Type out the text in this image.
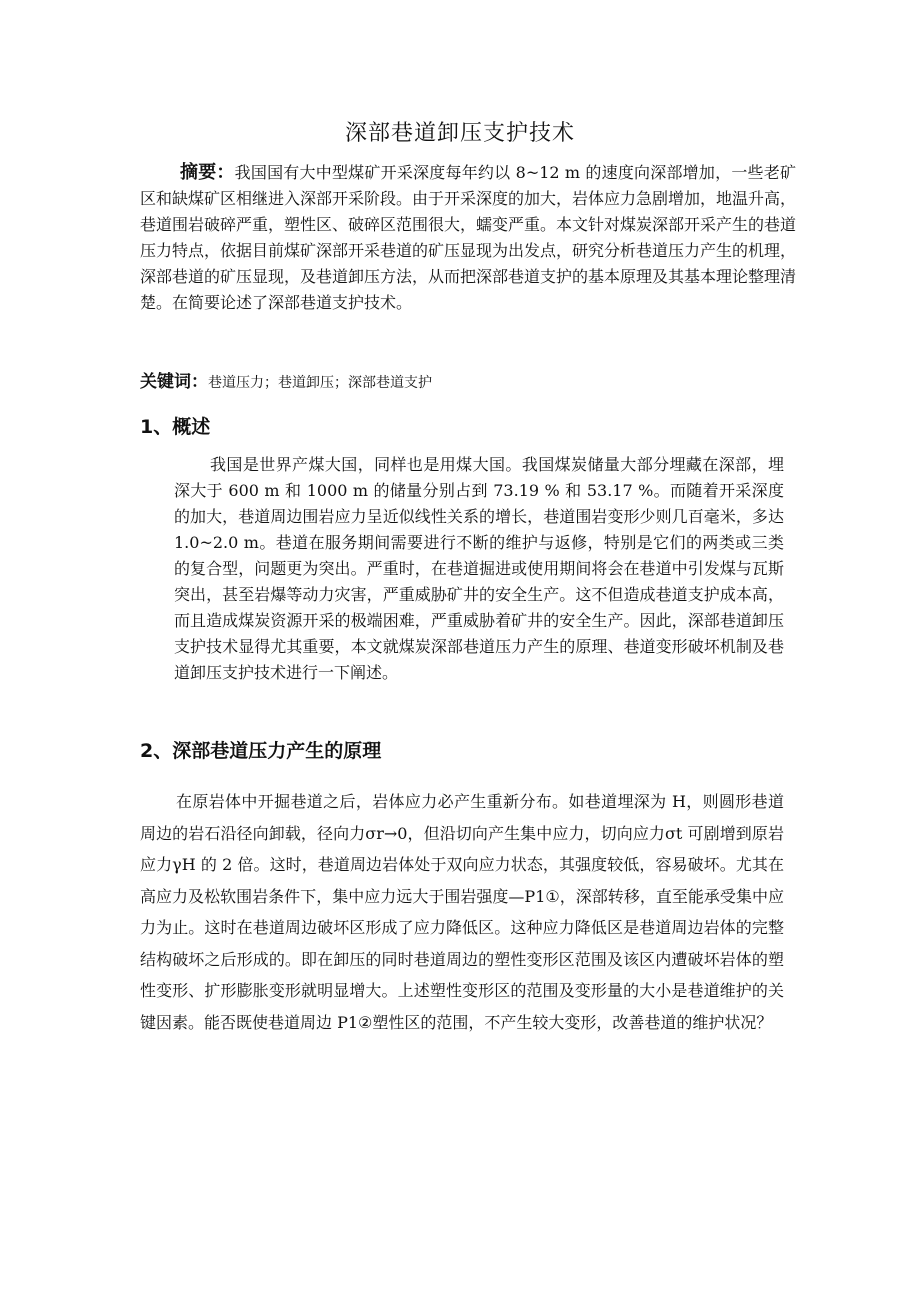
深部巷道卸压支护技术
摘要：我国国有大中型煤矿开采深度每年约以 8~12 m 的速度向深部增加，一些老矿区和缺煤矿区相继进入深部开采阶段。由于开采深度的加大，岩体应力急剧增加，地温升高，巷道围岩破碎严重，塑性区、破碎区范围很大，蠕变严重。本文针对煤炭深部开采产生的巷道压力特点，依据目前煤矿深部开采巷道的矿压显现为出发点，研究分析巷道压力产生的机理，深部巷道的矿压显现，及巷道卸压方法，从而把深部巷道支护的基本原理及其基本理论整理清楚。在简要论述了深部巷道支护技术。
关键词：巷道压力；巷道卸压；深部巷道支护
1、概述
我国是世界产煤大国，同样也是用煤大国。我国煤炭储量大部分埋藏在深部，埋深大于 600 m 和 1000 m 的储量分别占到 73.19 % 和 53.17 %。而随着开采深度的加大，巷道周边围岩应力呈近似线性关系的增长，巷道围岩变形少则几百毫米，多达 1.0~2.0 m。巷道在服务期间需要进行不断的维护与返修，特别是它们的两类或三类的复合型，问题更为突出。严重时，在巷道掘进或使用期间将会在巷道中引发煤与瓦斯突出，甚至岩爆等动力灾害，严重威胁矿井的安全生产。这不但造成巷道支护成本高，而且造成煤炭资源开采的极端困难，严重威胁着矿井的安全生产。因此，深部巷道卸压支护技术显得尤其重要，本文就煤炭深部巷道压力产生的原理、巷道变形破坏机制及巷道卸压支护技术进行一下阐述。
2、深部巷道压力产生的原理
在原岩体中开掘巷道之后，岩体应力必产生重新分布。如巷道埋深为 H，则圆形巷道周边的岩石沿径向卸载，径向力σr→0，但沿切向产生集中应力，切向应力σt 可剧增到原岩应力γH 的 2 倍。这时，巷道周边岩体处于双向应力状态，其强度较低，容易破坏。尤其在高应力及松软围岩条件下，集中应力远大于围岩强度—P1①，深部转移，直至能承受集中应力为止。这时在巷道周边破坏区形成了应力降低区。这种应力降低区是巷道周边岩体的完整结构破坏之后形成的。即在卸压的同时巷道周边的塑性变形区范围及该区内遭破坏岩体的塑性变形、扩形膨胀变形就明显增大。上述塑性变形区的范围及变形量的大小是巷道维护的关键因素。能否既使巷道周边 P1②塑性区的范围，不产生较大变形，改善巷道的维护状况？
